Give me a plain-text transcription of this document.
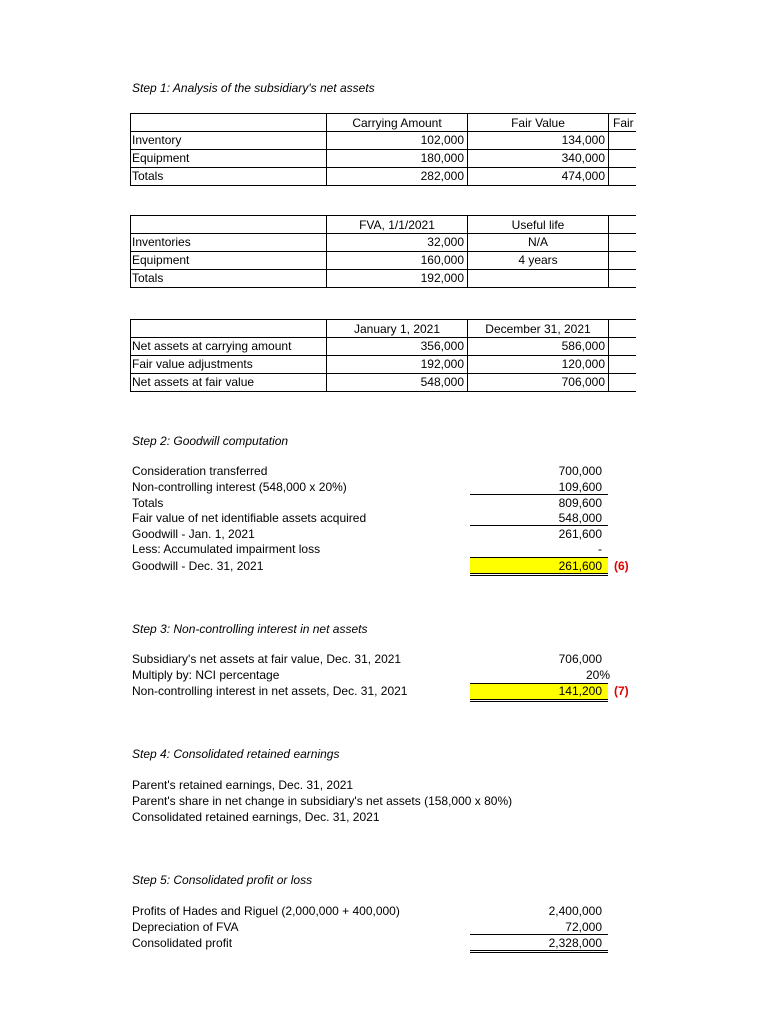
Step 1: Analysis of the subsidiary's net assets
	Carrying Amount	Fair Value	Fair
Inventory	102,000	134,000	
Equipment	180,000	340,000	
Totals	282,000	474,000	
	FVA, 1/1/2021	Useful life	
Inventories	32,000	N/A	
Equipment	160,000	4 years	
Totals	192,000		
	January 1, 2021	December 31, 2021	
Net assets at carrying amount	356,000	586,000	
Fair value adjustments	192,000	120,000	
Net assets at fair value	548,000	706,000	
Step 2: Goodwill computation
Consideration transferred	700,000
Non-controlling interest (548,000 x 20%)	109,600
Totals	809,600
Fair value of net identifiable assets acquired	548,000
Goodwill - Jan. 1, 2021	261,600
Less: Accumulated impairment loss	-
Goodwill - Dec. 31, 2021	261,600 (6)
Step 3: Non-controlling interest in net assets
Subsidiary's net assets at fair value, Dec. 31, 2021	706,000
Multiply by: NCI percentage	20%
Non-controlling interest in net assets, Dec. 31, 2021	141,200 (7)
Step 4: Consolidated retained earnings
Parent's retained earnings, Dec. 31, 2021
Parent's share in net change in subsidiary's net assets (158,000 x 80%)
Consolidated retained earnings, Dec. 31, 2021
Step 5: Consolidated profit or loss
Profits of Hades and Riguel (2,000,000 + 400,000)	2,400,000
Depreciation of FVA	72,000
Consolidated profit	2,328,000
